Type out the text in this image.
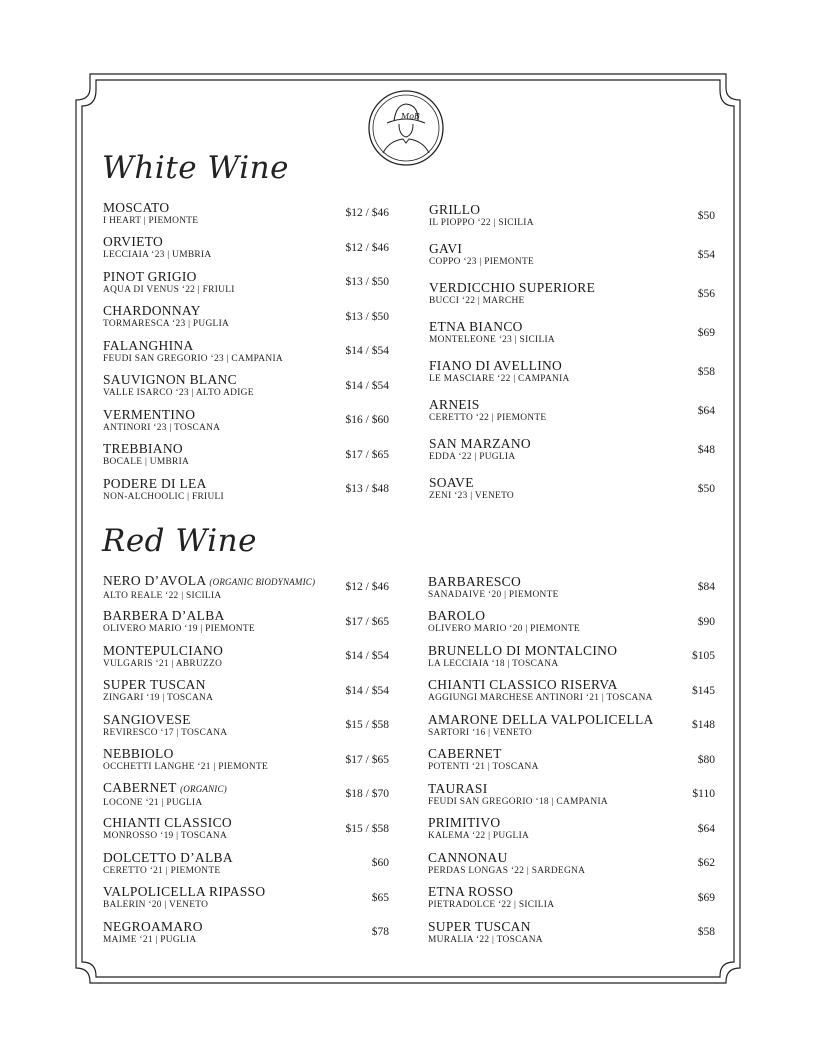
MoB
White Wine
MOSCATO
I HEART | PIEMONTE
$12 / $46
ORVIETO
LECCIAIA ‘23 | UMBRIA
$12 / $46
PINOT GRIGIO
AQUA DI VENUS ‘22 | FRIULI
$13 / $50
CHARDONNAY
TORMARESCA ‘23 | PUGLIA
$13 / $50
FALANGHINA
FEUDI SAN GREGORIO ‘23 | CAMPANIA
$14 / $54
SAUVIGNON BLANC
VALLE ISARCO ‘23 | ALTO ADIGE
$14 / $54
VERMENTINO
ANTINORI ‘23 | TOSCANA
$16 / $60
TREBBIANO
BOCALE | UMBRIA
$17 / $65
PODERE DI LEA
NON-ALCHOOLIC | FRIULI
$13 / $48
GRILLO
IL PIOPPO ‘22 | SICILIA
$50
GAVI
COPPO ‘23 | PIEMONTE
$54
VERDICCHIO SUPERIORE
BUCCI ‘22 | MARCHE
$56
ETNA BIANCO
MONTELEONE ‘23 | SICILIA
$69
FIANO DI AVELLINO
LE MASCIARE ‘22 | CAMPANIA
$58
ARNEIS
CERETTO ‘22 | PIEMONTE
$64
SAN MARZANO
EDDA ‘22 | PUGLIA
$48
SOAVE
ZENI ‘23 | VENETO
$50
Red Wine
NERO D’AVOLA (ORGANIC BIODYNAMIC)
ALTO REALE ‘22 | SICILIA
$12 / $46
BARBERA D’ALBA
OLIVERO MARIO ‘19 | PIEMONTE
$17 / $65
MONTEPULCIANO
VULGARIS ‘21 | ABRUZZO
$14 / $54
SUPER TUSCAN
ZINGARI ‘19 | TOSCANA
$14 / $54
SANGIOVESE
REVIRESCO ‘17 | TOSCANA
$15 / $58
NEBBIOLO
OCCHETTI LANGHE ‘21 | PIEMONTE
$17 / $65
CABERNET (ORGANIC)
LOCONE ‘21 | PUGLIA
$18 / $70
CHIANTI CLASSICO
MONROSSO ‘19 | TOSCANA
$15 / $58
DOLCETTO D’ALBA
CERETTO ‘21 | PIEMONTE
$60
VALPOLICELLA RIPASSO
BALERIN ‘20 | VENETO
$65
NEGROAMARO
MAIME ‘21 | PUGLIA
$78
BARBARESCO
SANADAIVE ‘20 | PIEMONTE
$84
BAROLO
OLIVERO MARIO ‘20 | PIEMONTE
$90
BRUNELLO DI MONTALCINO
LA LECCIAIA ‘18 | TOSCANA
$105
CHIANTI CLASSICO RISERVA
AGGIUNGI MARCHESE ANTINORI ‘21 | TOSCANA
$145
AMARONE DELLA VALPOLICELLA
SARTORI ‘16 | VENETO
$148
CABERNET
POTENTI ‘21 | TOSCANA
$80
TAURASI
FEUDI SAN GREGORIO ‘18 | CAMPANIA
$110
PRIMITIVO
KALEMA ‘22 | PUGLIA
$64
CANNONAU
PERDAS LONGAS ‘22 | SARDEGNA
$62
ETNA ROSSO
PIETRADOLCE ‘22 | SICILIA
$69
SUPER TUSCAN
MURALIA ‘22 | TOSCANA
$58
